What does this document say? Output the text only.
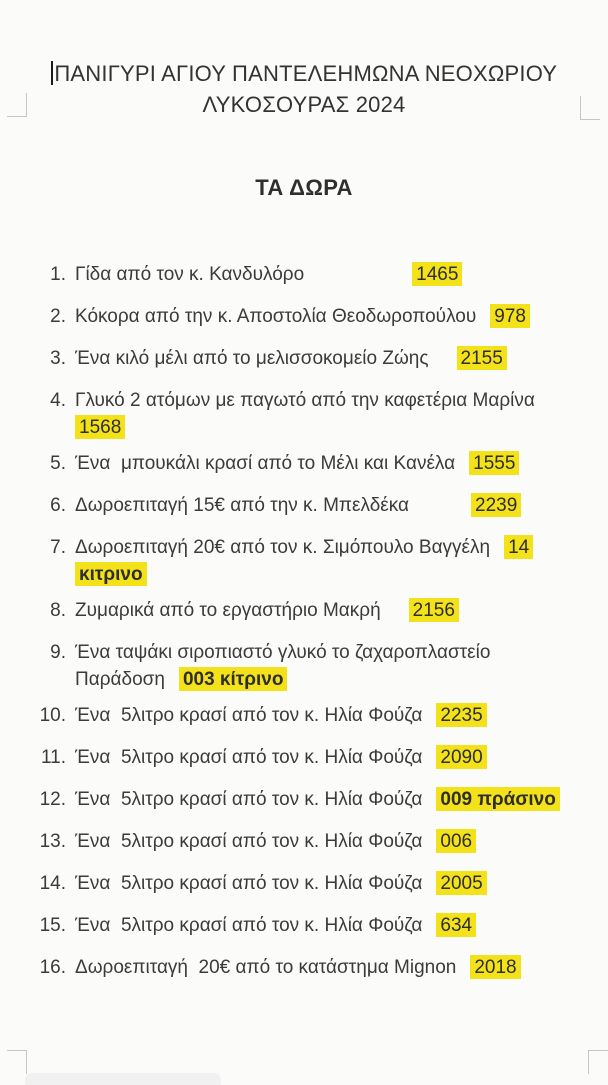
ΠΑΝΙΓΥΡΙ ΑΓΙΟΥ ΠΑΝΤΕΛΕΗΜΩΝΑ ΝΕΟΧΩΡΙΟΥ
ΛΥΚΟΣΟΥΡΑΣ 2024
ΤΑ ΔΩΡΑ
1. Γίδα από τον κ. Κανδυλόρο	1465
2. Κόκορα από την κ. Αποστολία Θεοδωροπούλου 978
3. Ένα κιλό μέλι από το μελισσοκομείο Ζώης 2155
4. Γλυκό 2 ατόμων με παγωτό από την καφετέρια Μαρίνα
1568
5. Ένα  μπουκάλι κρασί από το Μέλι και Κανέλα 1555
6. Δωροεπιταγή 15€ από την κ. Μπελδέκα	2239
7. Δωροεπιταγή 20€ από τον κ. Σιμόπουλο Βαγγέλη 14
κιτρινο
8. Ζυμαρικά από το εργαστήριο Μακρή 2156
9. Ένα ταψάκι σιροπιαστό γλυκό το ζαχαροπλαστείο
Παράδοση 003 κίτρινο
10. Ένα  5λιτρο κρασί από τον κ. Ηλία Φούζα 2235
11. Ένα  5λιτρο κρασί από τον κ. Ηλία Φούζα 2090
12. Ένα  5λιτρο κρασί από τον κ. Ηλία Φούζα 009 πράσινο
13. Ένα  5λιτρο κρασί από τον κ. Ηλία Φούζα 006
14. Ένα  5λιτρο κρασί από τον κ. Ηλία Φούζα 2005
15. Ένα  5λιτρο κρασί από τον κ. Ηλία Φούζα 634
16. Δωροεπιταγή  20€ από το κατάστημα Mignon 2018
